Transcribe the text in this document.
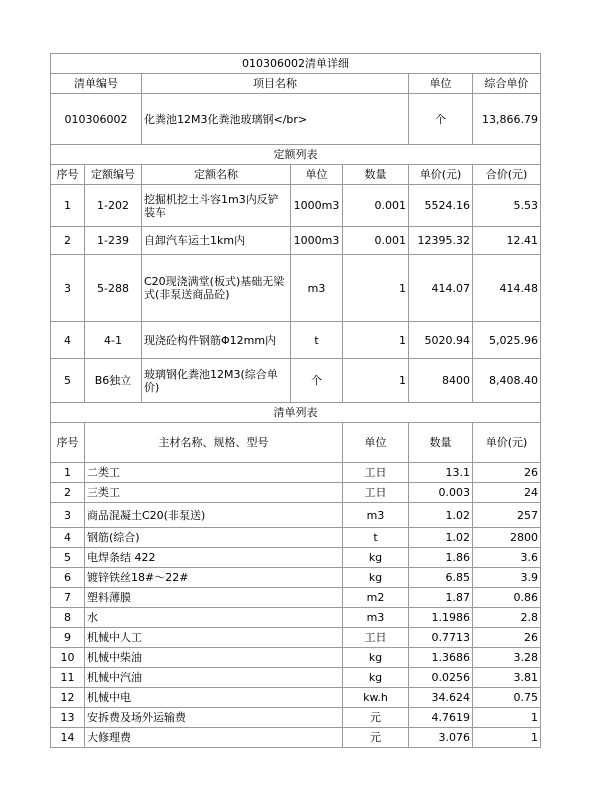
010306002清单详细							
清单编号		项目名称			单位	综合单价	
010306002		化粪池12M3化粪池玻璃钢</br>			个	13,866.79	
定额列表							
序号	定额编号	定额名称	单位	数量	单价(元)	合价(元)	
1	1-202	挖掘机挖土斗容1m3内反铲装车	1000m3	0.001	5524.16	5.53	
2	1-239	自卸汽车运土1km内	1000m3	0.001	12395.32	12.41	
3	5-288	C20现浇满堂(板式)基础无梁式(非泵送商品砼)	m3	1	414.07	414.48	
4	4-1	现浇砼构件钢筋Φ12mm内	t	1	5020.94	5,025.96	
5	B6独立	玻璃钢化粪池12M3(综合单价)	个	1	8400	8,408.40	
清单列表							
序号	主材名称、规格、型号			单位	数量	单价(元)	
1	二类工			工日	13.1	26	
2	三类工			工日	0.003	24	
3	商品混凝土C20(非泵送)			m3	1.02	257	
4	钢筋(综合)			t	1.02	2800	
5	电焊条结 422			kg	1.86	3.6	
6	镀锌铁丝18#～22#			kg	6.85	3.9	
7	塑料薄膜			m2	1.87	0.86	
8	水			m3	1.1986	2.8	
9	机械中人工			工日	0.7713	26	
10	机械中柴油			kg	1.3686	3.28	
11	机械中汽油			kg	0.0256	3.81	
12	机械中电			kw.h	34.624	0.75	
13	安拆费及场外运输费			元	4.7619	1	
14	大修理费			元	3.076	1	
